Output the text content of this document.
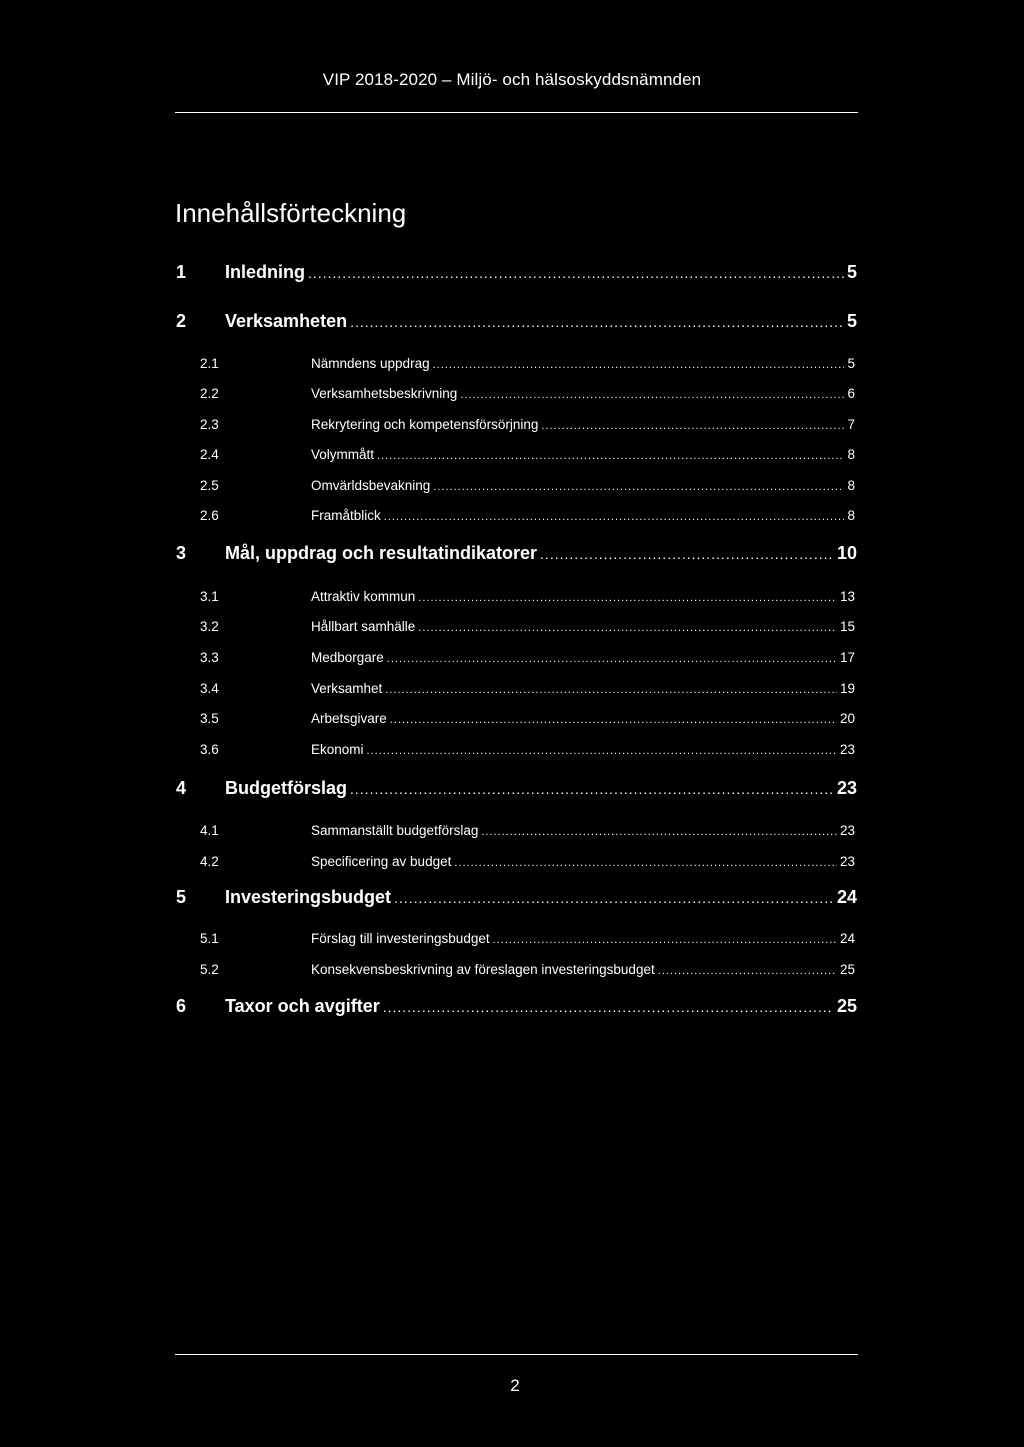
VIP 2018-2020 – Miljö- och hälsoskyddsnämnden
Innehållsförteckning
1 Inledning .....	5
2 Verksamheten .....	5
2.1	Nämndens uppdrag .....	5
2.2	Verksamhetsbeskrivning .....	6
2.3	Rekrytering och kompetensförsörjning .....	7
2.4	Volymmått .....	8
2.5	Omvärldsbevakning .....	8
2.6	Framåtblick .....	8
3 Mål, uppdrag och resultatindikatorer .....	10
3.1	Attraktiv kommun .....	13
3.2	Hållbart samhälle .....	15
3.3	Medborgare .....	17
3.4	Verksamhet .....	19
3.5	Arbetsgivare .....	20
3.6	Ekonomi .....	23
4 Budgetförslag .....	23
4.1	Sammanställt budgetförslag .....	23
4.2	Specificering av budget .....	23
5 Investeringsbudget .....	24
5.1	Förslag till investeringsbudget .....	24
5.2	Konsekvensbeskrivning av föreslagen investeringsbudget .....	25
6 Taxor och avgifter .....	25
2
